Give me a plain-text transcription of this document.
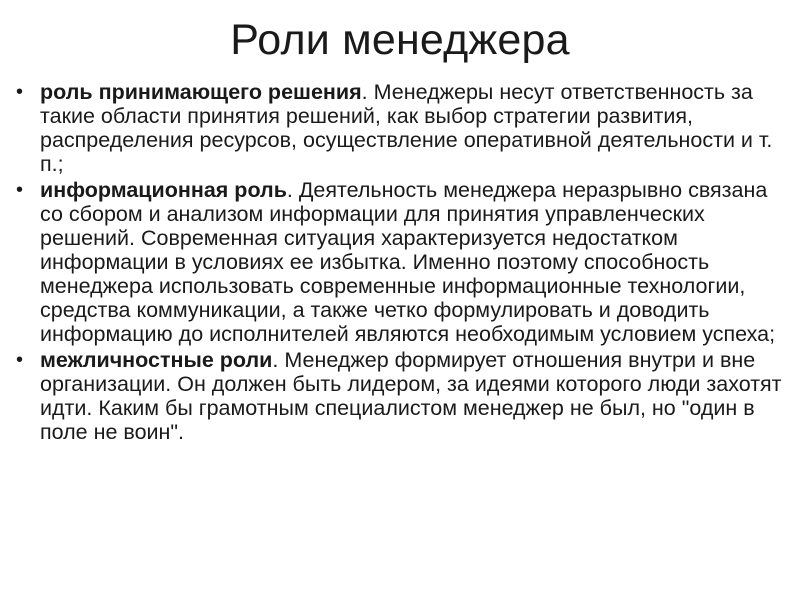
Роли менеджера
• роль принимающего решения. Менеджеры несут ответственность за такие области принятия решений, как выбор стратегии развития, распределения ресурсов, осуществление оперативной деятельности и т. п.;
• информационная роль. Деятельность менеджера неразрывно связана со сбором и анализом информации для принятия управленческих решений. Современная ситуация характеризуется недостатком информации в условиях ее избытка. Именно поэтому способность менеджера использовать современные информационные технологии, средства коммуникации, а также четко формулировать и доводить информацию до исполнителей являются необходимым условием успеха;
• межличностные роли. Менеджер формирует отношения внутри и вне организации. Он должен быть лидером, за идеями которого люди захотят идти. Каким бы грамотным специалистом менеджер не был, но "один в поле не воин".
